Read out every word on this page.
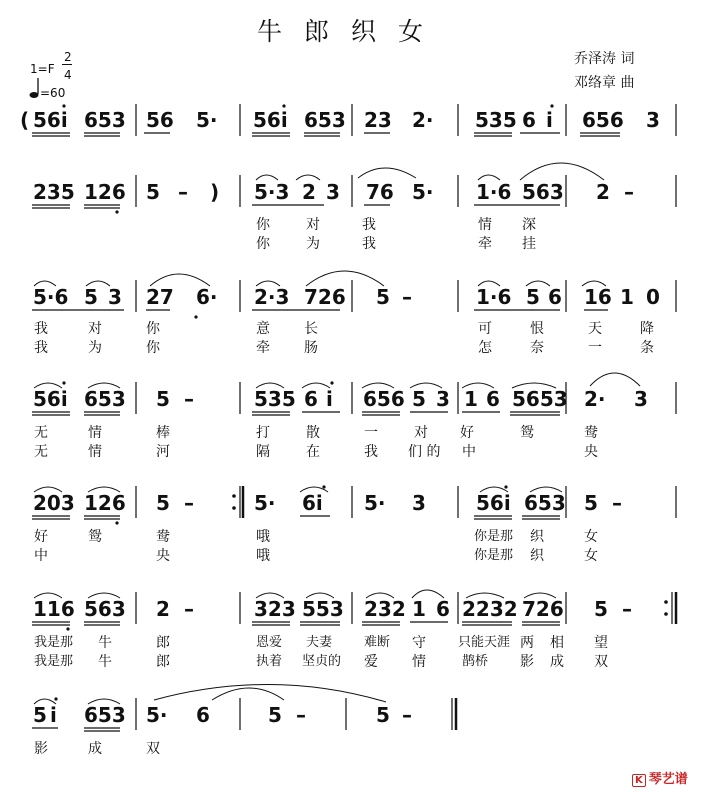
牛郎织女
乔泽涛 词
邓络章 曲
1=F
2
4
=60
( 56i 653 56 5· 56i 653 23 2· 535 6 i 656 3
235 126 5 – ) 5·3 2 3 76 5· 1·6 563 2 –
你	对	我	情 深
你	为	我	牵 挂
5·6 5 3 27 6· 2·3 726 5 –	1·6 5 6 16 1 0
我	对	你	意 长	可	恨	天	降
我	为	你	牵 肠	怎	奈	一	条
56i 653 5 –	535 6 i 656 5 3 1 6 5653 2· 3
无	情	棒	打	散	一	对 好	鸳	鸯
无	情	河	隔	在	我 们 的 中	央
203 126 5 –	5· 6i 5· 3	56i 653 5 –
好	鸳	鸯	哦	你是那 织	女
中	央	哦	你是那 织	女
116 563 2 –	323 553 232 1 6 2232 726 5 –
我是那 牛	郎	恩爱 夫妻 难断 守 只能天涯 两 相 望
我是那 牛	郎	执着 坚贞的 爱 情	鹊桥 影 成 双
5 i 653 5· 6	5 –	5 –
影	成	双
K 琴艺谱
